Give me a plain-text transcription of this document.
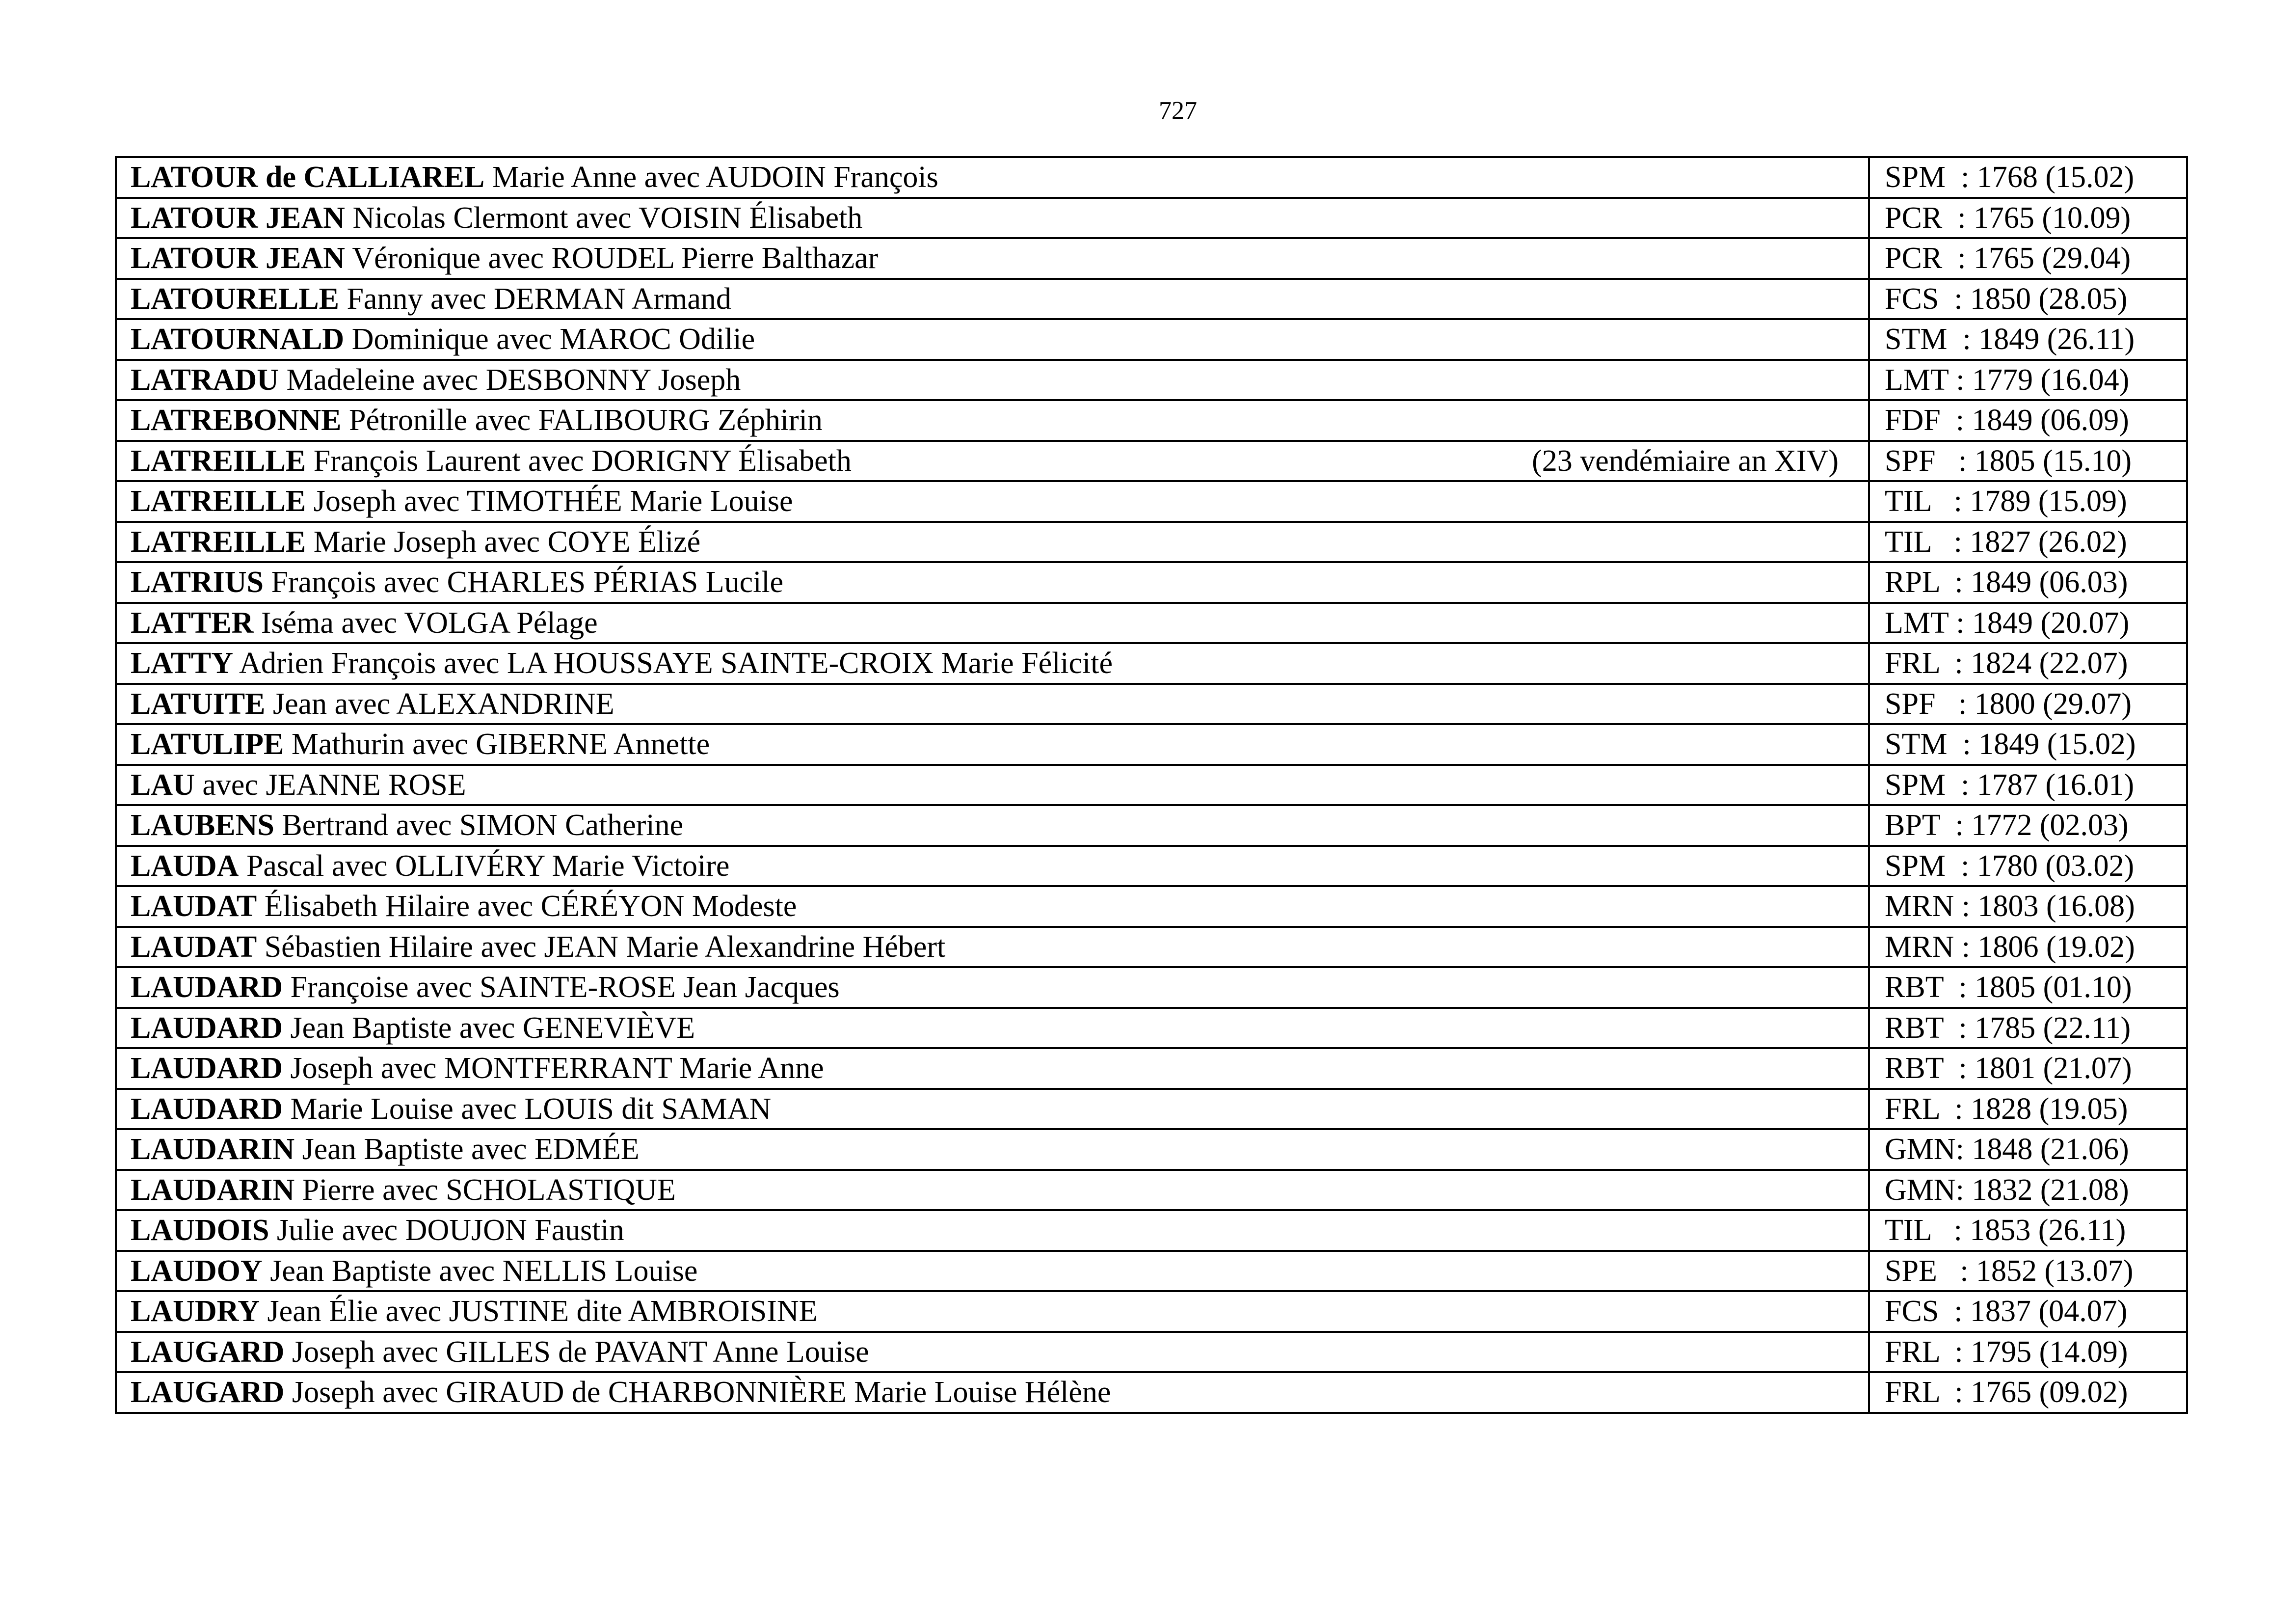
727
LATOUR de CALLIAREL Marie Anne avec AUDOIN François	SPM  : 1768 (15.02)
LATOUR JEAN Nicolas Clermont avec VOISIN Élisabeth	PCR  : 1765 (10.09)
LATOUR JEAN Véronique avec ROUDEL Pierre Balthazar	PCR  : 1765 (29.04)
LATOURELLE Fanny avec DERMAN Armand	FCS  : 1850 (28.05)
LATOURNALD Dominique avec MAROC Odilie	STM  : 1849 (26.11)
LATRADU Madeleine avec DESBONNY Joseph	LMT : 1779 (16.04)
LATREBONNE Pétronille avec FALIBOURG Zéphirin	FDF  : 1849 (06.09)
LATREILLE François Laurent avec DORIGNY Élisabeth (23 vendémiaire an XIV)	SPF   : 1805 (15.10)
LATREILLE Joseph avec TIMOTHÉE Marie Louise	TIL   : 1789 (15.09)
LATREILLE Marie Joseph avec COYE Élizé	TIL   : 1827 (26.02)
LATRIUS François avec CHARLES PÉRIAS Lucile	RPL  : 1849 (06.03)
LATTER Iséma avec VOLGA Pélage	LMT : 1849 (20.07)
LATTY Adrien François avec LA HOUSSAYE SAINTE-CROIX Marie Félicité	FRL  : 1824 (22.07)
LATUITE Jean avec ALEXANDRINE	SPF   : 1800 (29.07)
LATULIPE Mathurin avec GIBERNE Annette	STM  : 1849 (15.02)
LAU avec JEANNE ROSE	SPM  : 1787 (16.01)
LAUBENS Bertrand avec SIMON Catherine	BPT  : 1772 (02.03)
LAUDA Pascal avec OLLIVÉRY Marie Victoire	SPM  : 1780 (03.02)
LAUDAT Élisabeth Hilaire avec CÉRÉYON Modeste	MRN : 1803 (16.08)
LAUDAT Sébastien Hilaire avec JEAN Marie Alexandrine Hébert	MRN : 1806 (19.02)
LAUDARD Françoise avec SAINTE-ROSE Jean Jacques	RBT  : 1805 (01.10)
LAUDARD Jean Baptiste avec GENEVIÈVE	RBT  : 1785 (22.11)
LAUDARD Joseph avec MONTFERRANT Marie Anne	RBT  : 1801 (21.07)
LAUDARD Marie Louise avec LOUIS dit SAMAN	FRL  : 1828 (19.05)
LAUDARIN Jean Baptiste avec EDMÉE	GMN: 1848 (21.06)
LAUDARIN Pierre avec SCHOLASTIQUE	GMN: 1832 (21.08)
LAUDOIS Julie avec DOUJON Faustin	TIL   : 1853 (26.11)
LAUDOY Jean Baptiste avec NELLIS Louise	SPE   : 1852 (13.07)
LAUDRY Jean Élie avec JUSTINE dite AMBROISINE	FCS  : 1837 (04.07)
LAUGARD Joseph avec GILLES de PAVANT Anne Louise	FRL  : 1795 (14.09)
LAUGARD Joseph avec GIRAUD de CHARBONNIÈRE Marie Louise Hélène	FRL  : 1765 (09.02)
